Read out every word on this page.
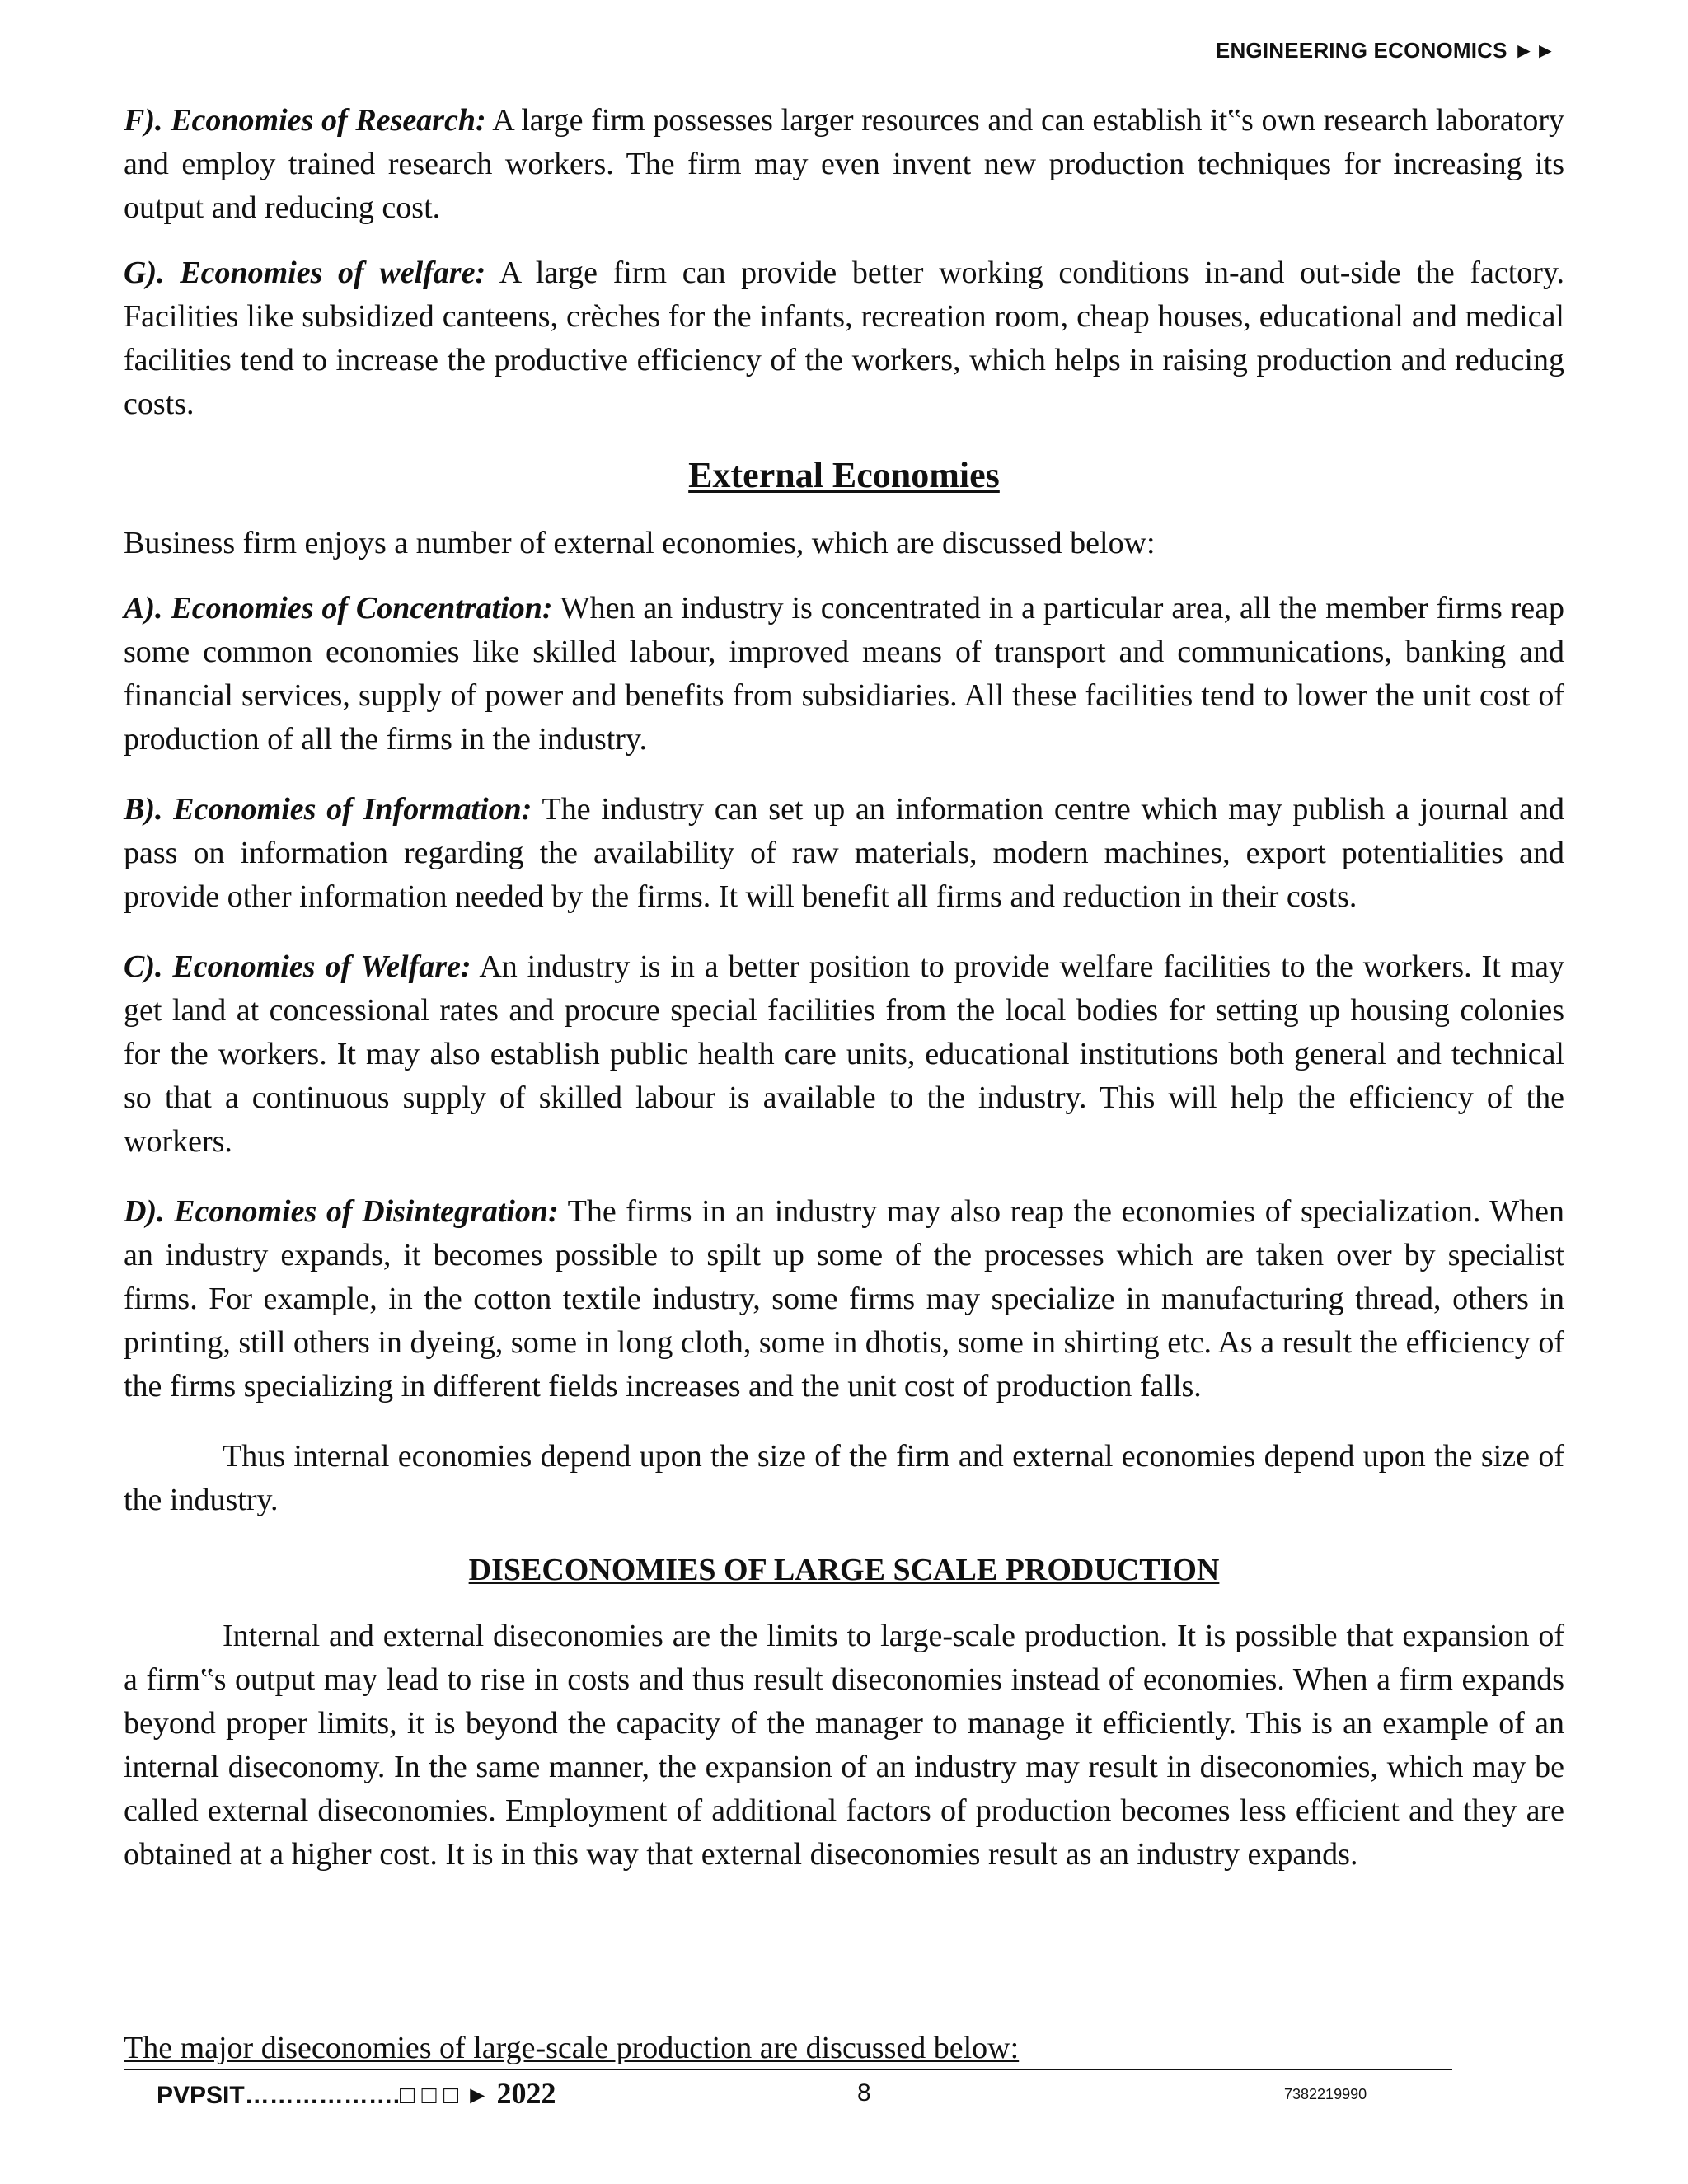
ENGINEERING ECONOMICS ►►

F). Economies of Research: A large firm possesses larger resources and can establish it‟s own research laboratory and employ trained research workers. The firm may even invent new production techniques for increasing its output and reducing cost.

G). Economies of welfare: A large firm can provide better working conditions in-and out-side the factory. Facilities like subsidized canteens, crèches for the infants, recreation room, cheap houses, educational and medical facilities tend to increase the productive efficiency of the workers, which helps in raising production and reducing costs.

External Economies

Business firm enjoys a number of external economies, which are discussed below:

A). Economies of Concentration: When an industry is concentrated in a particular area, all the member firms reap some common economies like skilled labour, improved means of transport and communications, banking and financial services, supply of power and benefits from subsidiaries. All these facilities tend to lower the unit cost of production of all the firms in the industry.

B). Economies of Information: The industry can set up an information centre which may publish a journal and pass on information regarding the availability of raw materials, modern machines, export potentialities and provide other information needed by the firms. It will benefit all firms and reduction in their costs.

C). Economies of Welfare: An industry is in a better position to provide welfare facilities to the workers. It may get land at concessional rates and procure special facilities from the local bodies for setting up housing colonies for the workers. It may also establish public health care units, educational institutions both general and technical so that a continuous supply of skilled labour is available to the industry. This will help the efficiency of the workers.

D). Economies of Disintegration: The firms in an industry may also reap the economies of specialization. When an industry expands, it becomes possible to spilt up some of the processes which are taken over by specialist firms. For example, in the cotton textile industry, some firms may specialize in manufacturing thread, others in printing, still others in dyeing, some in long cloth, some in dhotis, some in shirting etc. As a result the efficiency of the firms specializing in different fields increases and the unit cost of production falls.

Thus internal economies depend upon the size of the firm and external economies depend upon the size of the industry.

DISECONOMIES OF LARGE SCALE PRODUCTION

Internal and external diseconomies are the limits to large-scale production. It is possible that expansion of a firm‟s output may lead to rise in costs and thus result diseconomies instead of economies. When a firm expands beyond proper limits, it is beyond the capacity of the manager to manage it efficiently. This is an example of an internal diseconomy. In the same manner, the expansion of an industry may result in diseconomies, which may be called external diseconomies. Employment of additional factors of production becomes less efficient and they are obtained at a higher cost. It is in this way that external diseconomies result as an industry expands.

The major diseconomies of large-scale production are discussed below:
PVPSIT……………….□ □ □ ► 2022	8	7382219990
